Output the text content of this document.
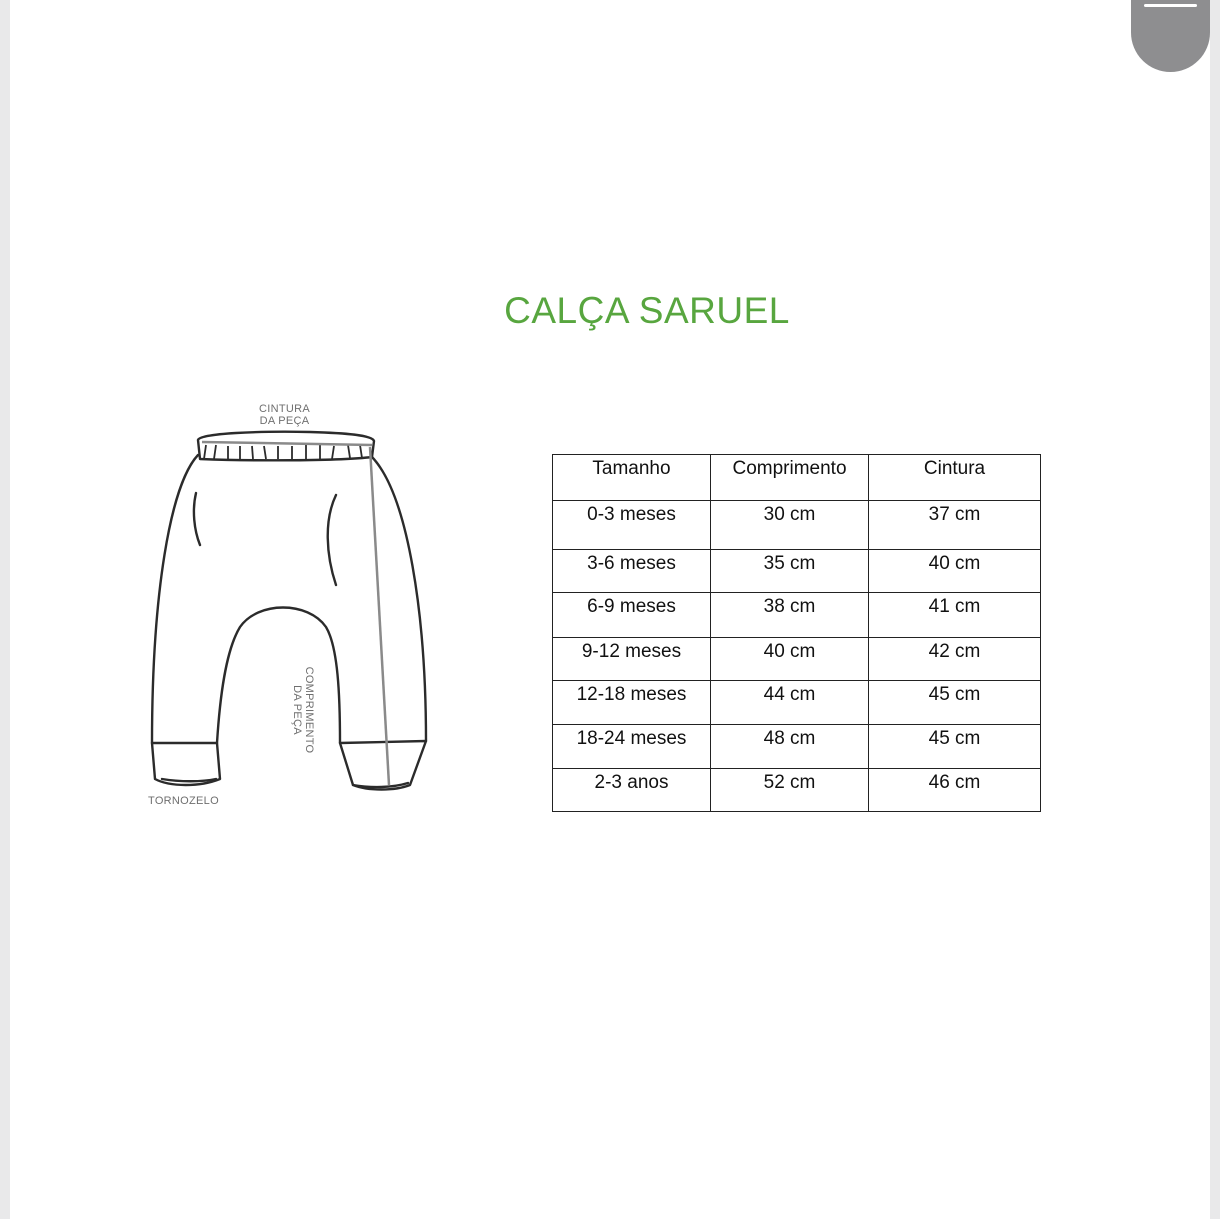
CALÇA SARUEL
CINTURA
DA PEÇA
COMPRIMENTO
DA PEÇA
TORNOZELO
Tamanho	Comprimento	Cintura
0-3 meses	30 cm	37 cm
3-6 meses	35 cm	40 cm
6-9 meses	38 cm	41 cm
9-12 meses	40 cm	42 cm
12-18 meses	44 cm	45 cm
18-24 meses	48 cm	45 cm
2-3 anos	52 cm	46 cm
